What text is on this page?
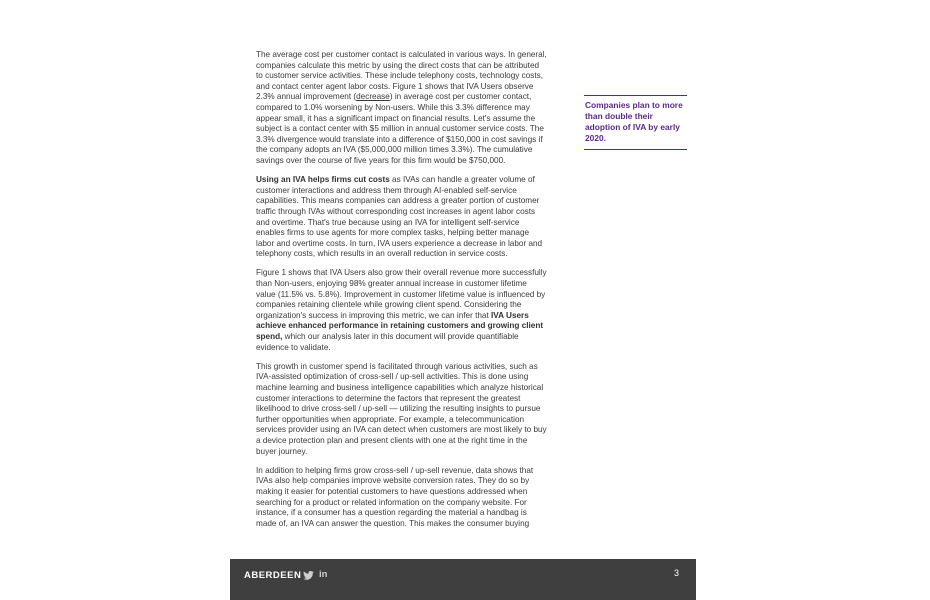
The average cost per customer contact is calculated in various ways. In general, companies calculate this metric by using the direct costs that can be attributed to customer service activities. These include telephony costs, technology costs, and contact center agent labor costs. Figure 1 shows that IVA Users observe 2.3% annual improvement (decrease) in average cost per customer contact, compared to 1.0% worsening by Non-users. While this 3.3% difference may appear small, it has a significant impact on financial results. Let's assume the subject is a contact center with $5 million in annual customer service costs. The 3.3% divergence would translate into a difference of $150,000 in cost savings if the company adopts an IVA ($5,000,000 million times 3.3%). The cumulative savings over the course of five years for this firm would be $750,000.

Using an IVA helps firms cut costs as IVAs can handle a greater volume of customer interactions and address them through AI-enabled self-service capabilities. This means companies can address a greater portion of customer traffic through IVAs without corresponding cost increases in agent labor costs and overtime. That's true because using an IVA for intelligent self-service enables firms to use agents for more complex tasks, helping better manage labor and overtime costs. In turn, IVA users experience a decrease in labor and telephony costs, which results in an overall reduction in service costs.

Figure 1 shows that IVA Users also grow their overall revenue more successfully than Non-users, enjoying 98% greater annual increase in customer lifetime value (11.5% vs. 5.8%). Improvement in customer lifetime value is influenced by companies retaining clientele while growing client spend. Considering the organization's success in improving this metric, we can infer that IVA Users achieve enhanced performance in retaining customers and growing client spend, which our analysis later in this document will provide quantifiable evidence to validate.

This growth in customer spend is facilitated through various activities, such as IVA-assisted optimization of cross-sell / up-sell activities. This is done using machine learning and business intelligence capabilities which analyze historical customer interactions to determine the factors that represent the greatest likelihood to drive cross-sell / up-sell — utilizing the resulting insights to pursue further opportunities when appropriate. For example, a telecommunication services provider using an IVA can detect when customers are most likely to buy a device protection plan and present clients with one at the right time in the buyer journey.

In addition to helping firms grow cross-sell / up-sell revenue, data shows that IVAs also help companies improve website conversion rates. They do so by making it easier for potential customers to have questions addressed when searching for a product or related information on the company website. For instance, if a consumer has a question regarding the material a handbag is made of, an IVA can answer the question. This makes the consumer buying

Companies plan to more than double their adoption of IVA by early 2020.
ABERDEEN in	3
